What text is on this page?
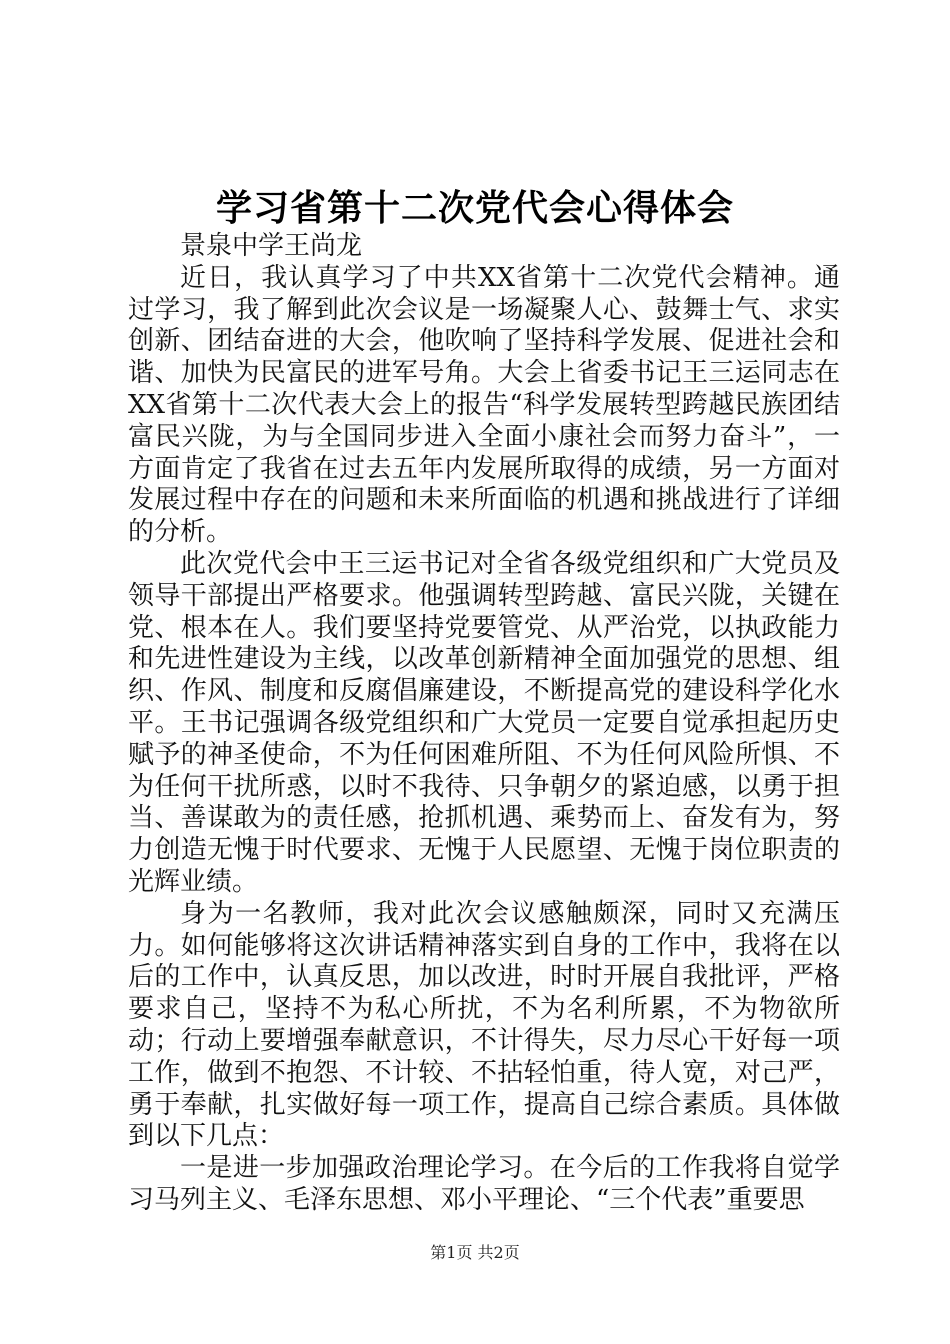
学习省第十二次党代会心得体会

景泉中学王尚龙

近日，我认真学习了中共XX省第十二次党代会精神。通过学习，我了解到此次会议是一场凝聚人心、鼓舞士气、求实创新、团结奋进的大会，他吹响了坚持科学发展、促进社会和谐、加快为民富民的进军号角。大会上省委书记王三运同志在XX省第十二次代表大会上的报告“科学发展转型跨越民族团结富民兴陇，为与全国同步进入全面小康社会而努力奋斗”，一方面肯定了我省在过去五年内发展所取得的成绩，另一方面对发展过程中存在的问题和未来所面临的机遇和挑战进行了详细的分析。

此次党代会中王三运书记对全省各级党组织和广大党员及领导干部提出严格要求。他强调转型跨越、富民兴陇，关键在党、根本在人。我们要坚持党要管党、从严治党，以执政能力和先进性建设为主线，以改革创新精神全面加强党的思想、组织、作风、制度和反腐倡廉建设，不断提高党的建设科学化水平。王书记强调各级党组织和广大党员一定要自觉承担起历史赋予的神圣使命，不为任何困难所阻、不为任何风险所惧、不为任何干扰所惑，以时不我待、只争朝夕的紧迫感，以勇于担当、善谋敢为的责任感，抢抓机遇、乘势而上、奋发有为，努力创造无愧于时代要求、无愧于人民愿望、无愧于岗位职责的光辉业绩。

身为一名教师，我对此次会议感触颇深，同时又充满压力。如何能够将这次讲话精神落实到自身的工作中，我将在以后的工作中，认真反思，加以改进，时时开展自我批评，严格要求自己，坚持不为私心所扰，不为名利所累，不为物欲所动；行动上要增强奉献意识，不计得失，尽力尽心干好每一项工作，做到不抱怨、不计较、不拈轻怕重，待人宽，对己严，勇于奉献，扎实做好每一项工作，提高自己综合素质。具体做到以下几点：

一是进一步加强政治理论学习。在今后的工作我将自觉学习马列主义、毛泽东思想、邓小平理论、“三个代表”重要思

第1页 共2页
